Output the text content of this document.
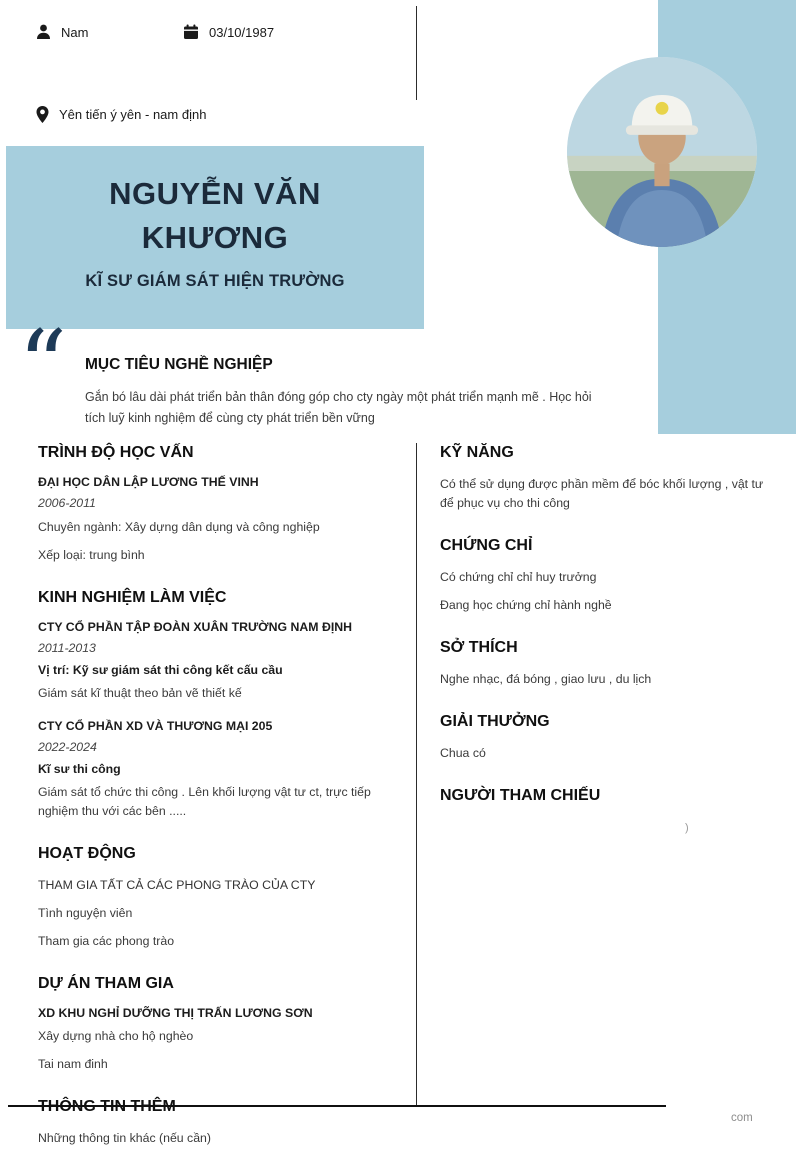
Nam	03/10/1987
Yên tiến ý yên - nam định
NGUYỄN VĂN KHƯƠNG
KĨ SƯ GIÁM SÁT HIỆN TRƯỜNG
“ MỤC TIÊU NGHỀ NGHIỆP

Gắn bó lâu dài phát triển bản thân đóng góp cho cty ngày một phát triển mạnh mẽ . Học hỏi tích luỹ kinh nghiệm để cùng cty phát triển bền vững

TRÌNH ĐỘ HỌC VẤN

ĐẠI HỌC DÂN LẬP LƯƠNG THẾ VINH

2006-2011

Chuyên ngành: Xây dựng dân dụng và công nghiệp

Xếp loại: trung bình

KINH NGHIỆM LÀM VIỆC

CTY CỔ PHẦN TẬP ĐOÀN XUÂN TRƯỜNG NAM ĐỊNH

2011-2013

Vị trí: Kỹ sư giám sát thi công kết cấu cầu

Giám sát kĩ thuật theo bản vẽ thiết kế

CTY CỔ PHẦN XD VÀ THƯƠNG MẠI 205

2022-2024

Kĩ sư thi công

Giám sát tổ chức thi công . Lên khối lượng vật tư ct, trực tiếp nghiệm thu với các bên .....

HOẠT ĐỘNG

THAM GIA TẤT CẢ CÁC PHONG TRÀO CỦA CTY

Tình nguyện viên

Tham gia các phong trào

DỰ ÁN THAM GIA

XD KHU NGHỈ DƯỠNG THỊ TRẤN LƯƠNG SƠN

Xây dựng nhà cho hộ nghèo

Tai nam đinh

THÔNG TIN THÊM

Những thông tin khác (nếu cần)

KỸ NĂNG

Có thể sử dụng được phần mềm để bóc khối lượng , vật tư để phục vụ cho thi công

CHỨNG CHỈ

Có chứng chỉ chỉ huy trưởng

Đang học chứng chỉ hành nghề

SỞ THÍCH

Nghe nhạc, đá bóng , giao lưu , du lịch

GIẢI THƯỞNG

Chua có

NGƯỜI THAM CHIẾU

)

com
